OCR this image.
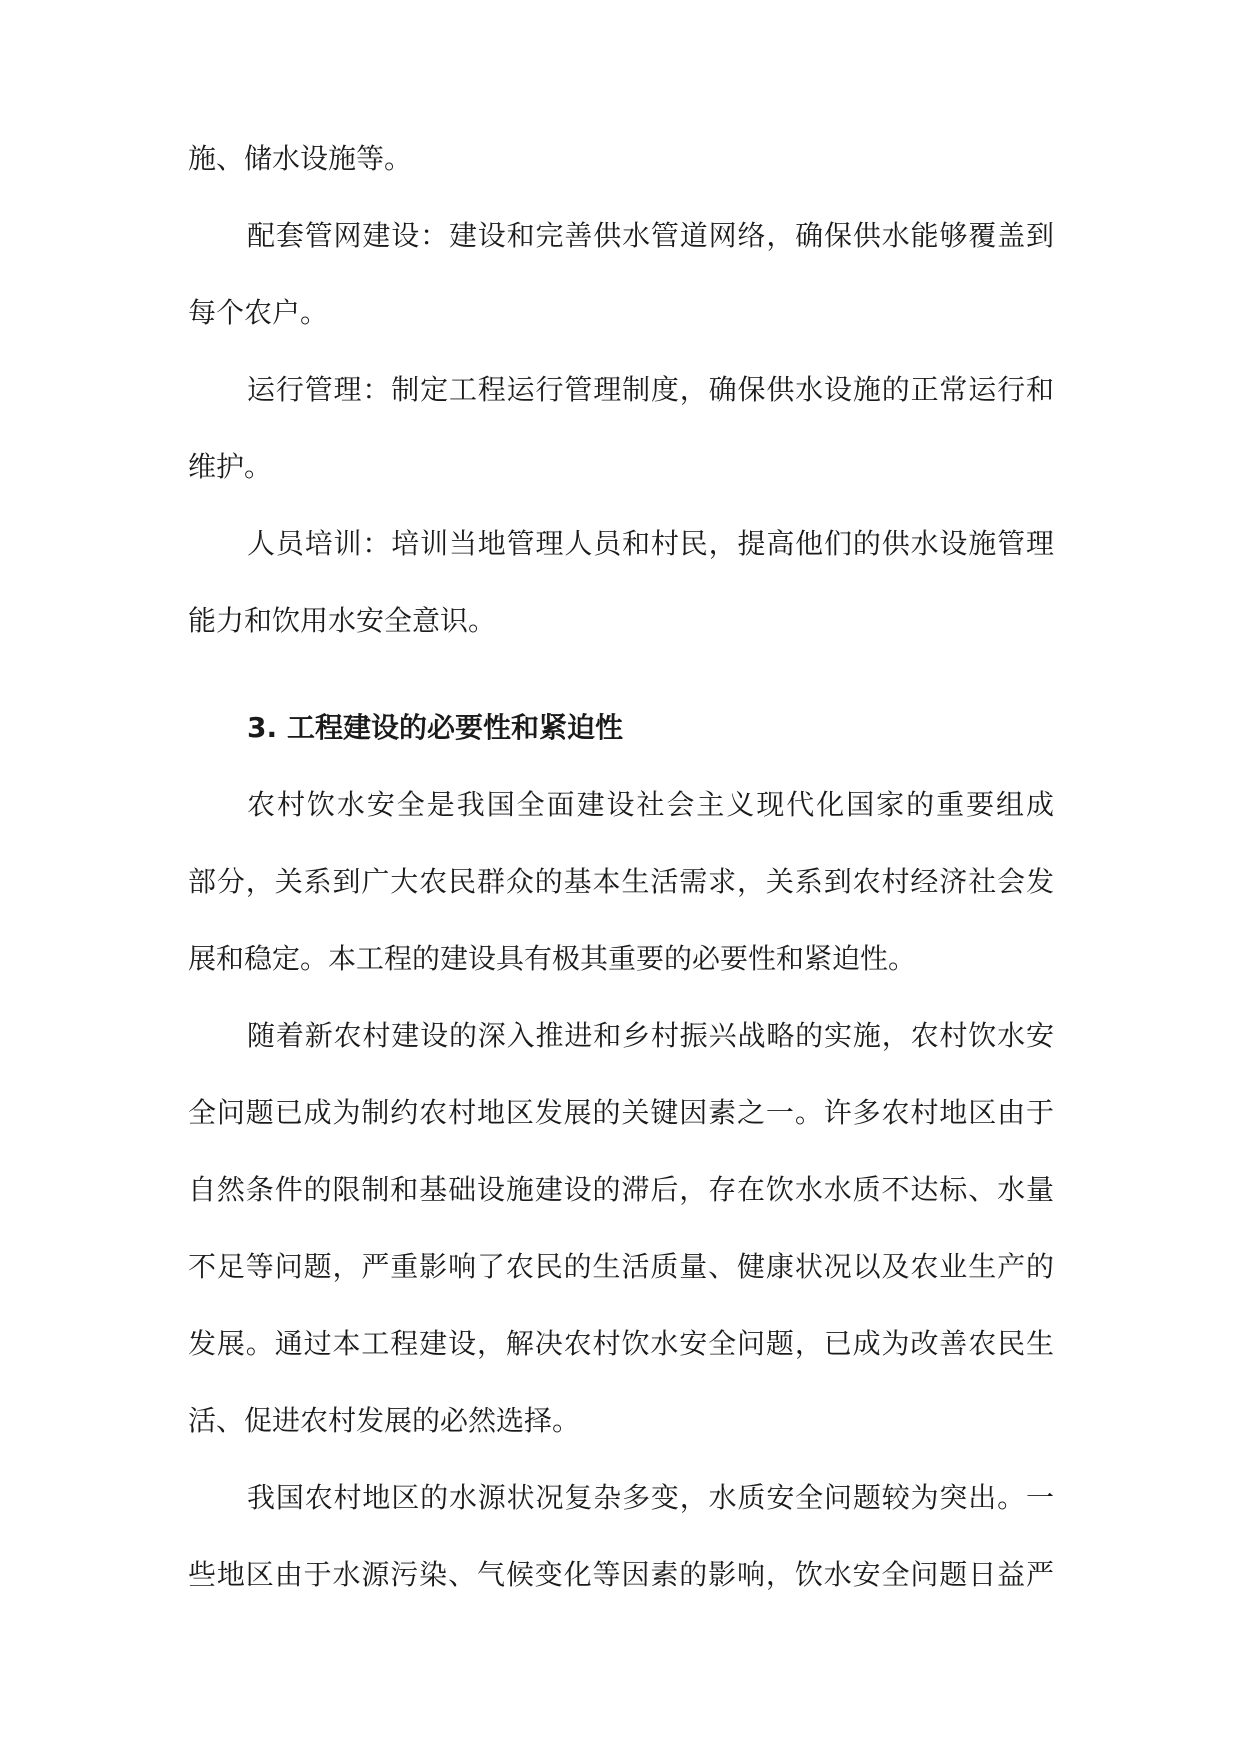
施、储水设施等。
配套管网建设：建设和完善供水管道网络，确保供水能够覆盖到
每个农户。
运行管理：制定工程运行管理制度，确保供水设施的正常运行和
维护。
人员培训：培训当地管理人员和村民，提高他们的供水设施管理
能力和饮用水安全意识。
3. 工程建设的必要性和紧迫性
农村饮水安全是我国全面建设社会主义现代化国家的重要组成
部分，关系到广大农民群众的基本生活需求，关系到农村经济社会发
展和稳定。本工程的建设具有极其重要的必要性和紧迫性。
随着新农村建设的深入推进和乡村振兴战略的实施，农村饮水安
全问题已成为制约农村地区发展的关键因素之一。许多农村地区由于
自然条件的限制和基础设施建设的滞后，存在饮水水质不达标、水量
不足等问题，严重影响了农民的生活质量、健康状况以及农业生产的
发展。通过本工程建设，解决农村饮水安全问题，已成为改善农民生
活、促进农村发展的必然选择。
我国农村地区的水源状况复杂多变，水质安全问题较为突出。一
些地区由于水源污染、气候变化等因素的影响，饮水安全问题日益严
